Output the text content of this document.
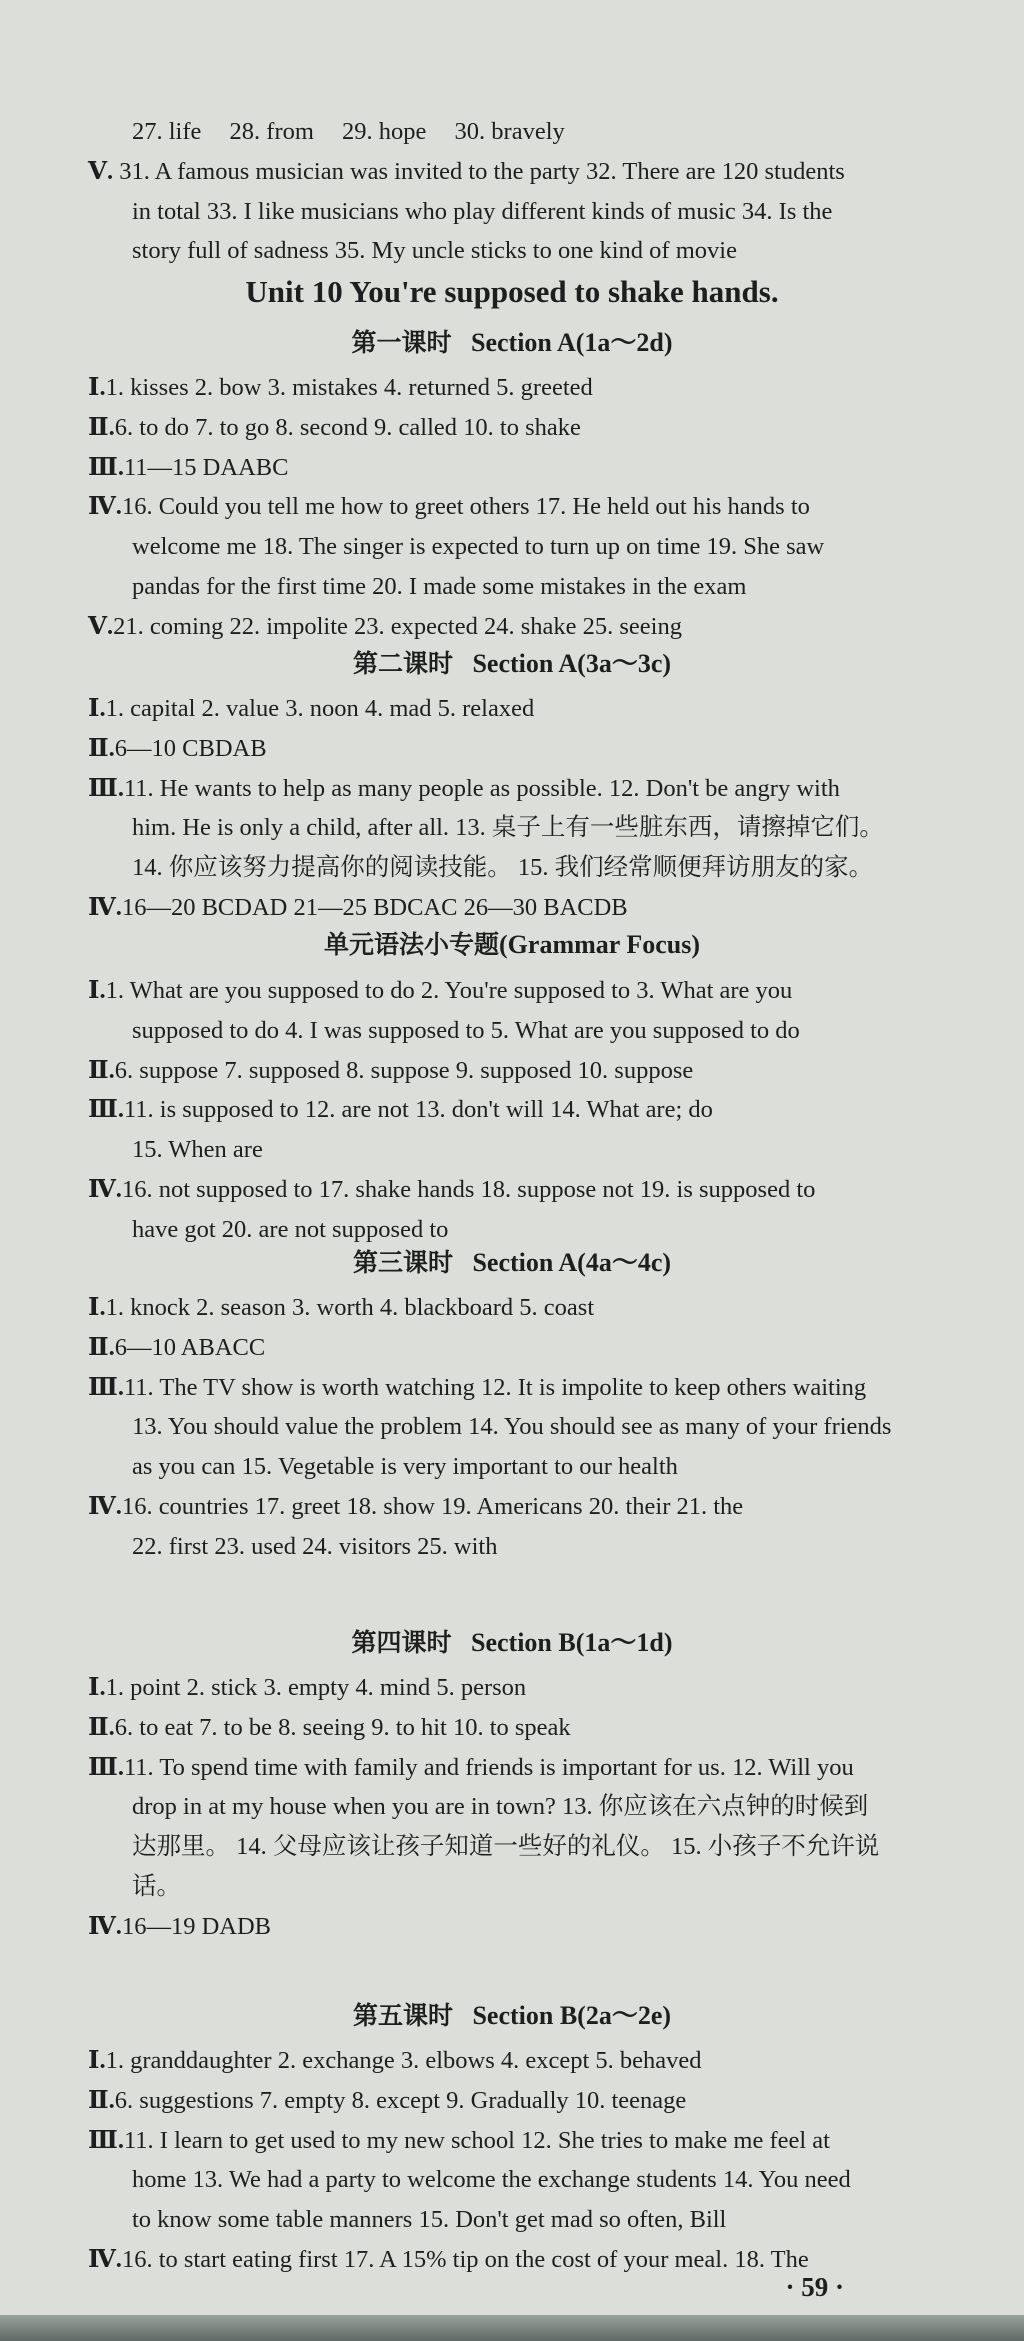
27. life 28. from 29. hope 30. bravely
Ⅴ. 31. A famous musician was invited to the party 32. There are 120 students
in total 33. I like musicians who play different kinds of music 34. Is the
story full of sadness 35. My uncle sticks to one kind of movie
Unit 10 You're supposed to shake hands.
第一课时 Section A(1a～2d)
Ⅰ.1. kisses 2. bow 3. mistakes 4. returned 5. greeted
Ⅱ.6. to do 7. to go 8. second 9. called 10. to shake
Ⅲ.11—15 DAABC
Ⅳ.16. Could you tell me how to greet others 17. He held out his hands to
welcome me 18. The singer is expected to turn up on time 19. She saw
pandas for the first time 20. I made some mistakes in the exam
Ⅴ.21. coming 22. impolite 23. expected 24. shake 25. seeing
第二课时 Section A(3a～3c)
Ⅰ.1. capital 2. value 3. noon 4. mad 5. relaxed
Ⅱ.6—10 CBDAB
Ⅲ.11. He wants to help as many people as possible. 12. Don't be angry with
him. He is only a child, after all. 13. 桌子上有一些脏东西，请擦掉它们。
14. 你应该努力提高你的阅读技能。 15. 我们经常顺便拜访朋友的家。
Ⅳ.16—20 BCDAD 21—25 BDCAC 26—30 BACDB
单元语法小专题(Grammar Focus)
Ⅰ.1. What are you supposed to do 2. You're supposed to 3. What are you
supposed to do 4. I was supposed to 5. What are you supposed to do
Ⅱ.6. suppose 7. supposed 8. suppose 9. supposed 10. suppose
Ⅲ.11. is supposed to 12. are not 13. don't will 14. What are; do
15. When are
Ⅳ.16. not supposed to 17. shake hands 18. suppose not 19. is supposed to
have got 20. are not supposed to
第三课时 Section A(4a～4c)
Ⅰ.1. knock 2. season 3. worth 4. blackboard 5. coast
Ⅱ.6—10 ABACC
Ⅲ.11. The TV show is worth watching 12. It is impolite to keep others waiting
13. You should value the problem 14. You should see as many of your friends
as you can 15. Vegetable is very important to our health
Ⅳ.16. countries 17. greet 18. show 19. Americans 20. their 21. the
22. first 23. used 24. visitors 25. with
第四课时 Section B(1a～1d)
Ⅰ.1. point 2. stick 3. empty 4. mind 5. person
Ⅱ.6. to eat 7. to be 8. seeing 9. to hit 10. to speak
Ⅲ.11. To spend time with family and friends is important for us. 12. Will you
drop in at my house when you are in town? 13. 你应该在六点钟的时候到
达那里。 14. 父母应该让孩子知道一些好的礼仪。 15. 小孩子不允许说
话。
Ⅳ.16—19 DADB
第五课时 Section B(2a～2e)
Ⅰ.1. granddaughter 2. exchange 3. elbows 4. except 5. behaved
Ⅱ.6. suggestions 7. empty 8. except 9. Gradually 10. teenage
Ⅲ.11. I learn to get used to my new school 12. She tries to make me feel at
home 13. We had a party to welcome the exchange students 14. You need
to know some table manners 15. Don't get mad so often, Bill
Ⅳ.16. to start eating first 17. A 15% tip on the cost of your meal. 18. The
· 59 ·
